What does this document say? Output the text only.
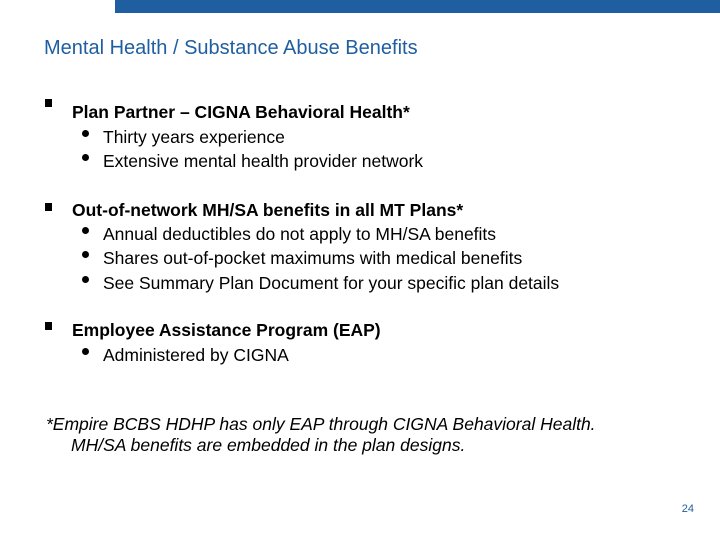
Mental Health / Substance Abuse Benefits
Plan Partner – CIGNA Behavioral Health*
Thirty years experience
Extensive mental health provider network
Out-of-network MH/SA benefits in all MT Plans*
Annual deductibles do not apply to MH/SA benefits
Shares out-of-pocket maximums with medical benefits
See Summary Plan Document for your specific plan details
Employee Assistance Program (EAP)
Administered by CIGNA
*Empire BCBS HDHP has only EAP through CIGNA Behavioral Health.
MH/SA benefits are embedded in the plan designs.
24
